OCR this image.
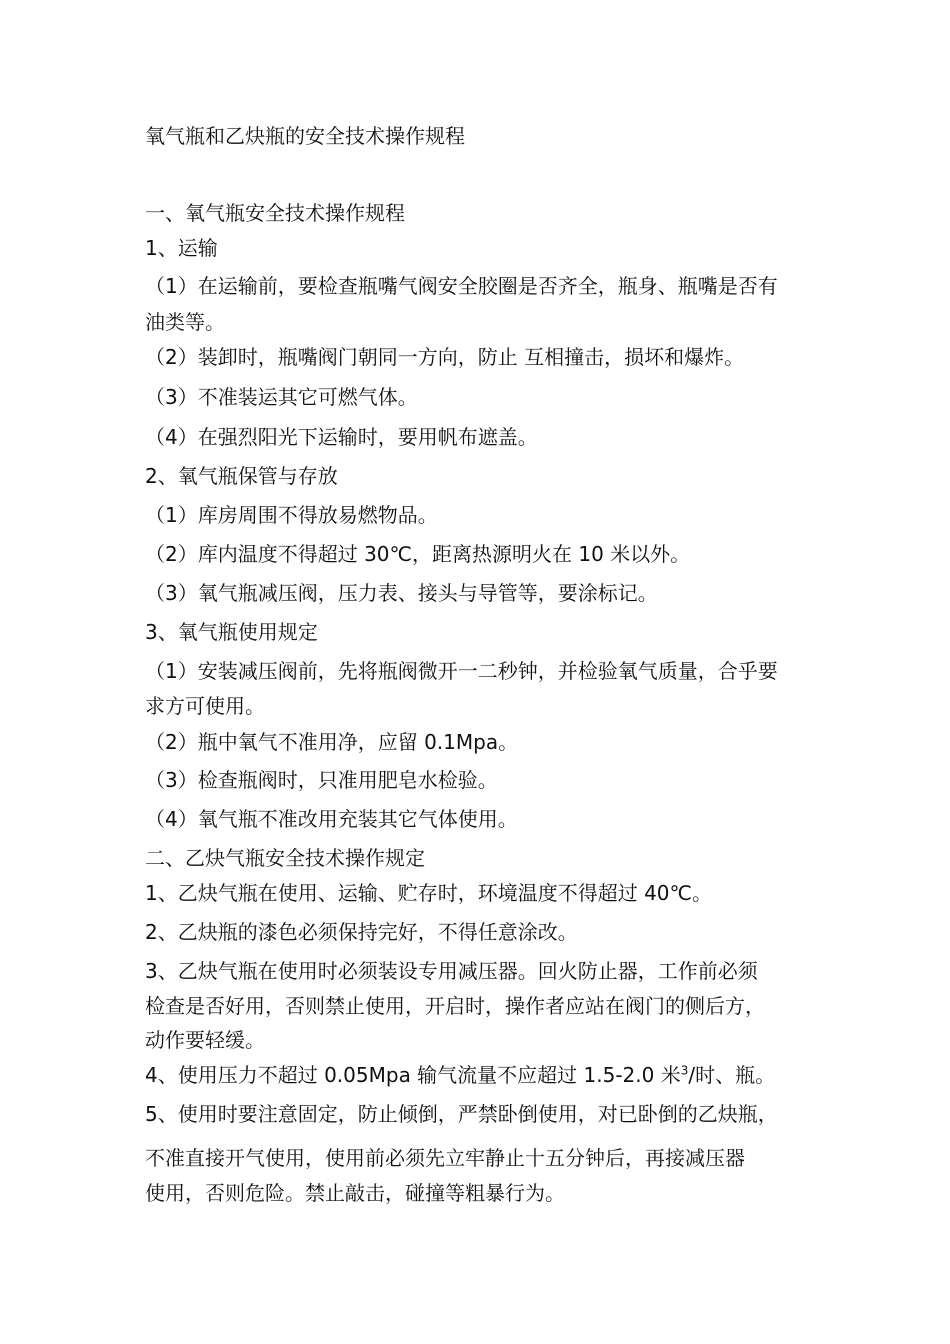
氧气瓶和乙炔瓶的安全技术操作规程
一、氧气瓶安全技术操作规程
1、运输
（1）在运输前，要检查瓶嘴气阀安全胶圈是否齐全，瓶身、瓶嘴是否有
油类等。
（2）装卸时，瓶嘴阀门朝同一方向，防止 互相撞击，损坏和爆炸。
（3）不准装运其它可燃气体。
（4）在强烈阳光下运输时，要用帆布遮盖。
2、氧气瓶保管与存放
（1）库房周围不得放易燃物品。
（2）库内温度不得超过 30℃，距离热源明火在 10 米以外。
（3）氧气瓶减压阀，压力表、接头与导管等，要涂标记。
3、氧气瓶使用规定
（1）安装减压阀前，先将瓶阀微开一二秒钟，并检验氧气质量，合乎要
求方可使用。
（2）瓶中氧气不准用净，应留 0.1Mpa。
（3）检查瓶阀时，只准用肥皂水检验。
（4）氧气瓶不准改用充装其它气体使用。
二、乙炔气瓶安全技术操作规定
1、乙炔气瓶在使用、运输、贮存时，环境温度不得超过 40℃。
2、乙炔瓶的漆色必须保持完好，不得任意涂改。
3、乙炔气瓶在使用时必须装设专用减压器。回火防止器，工作前必须
检查是否好用，否则禁止使用，开启时，操作者应站在阀门的侧后方，
动作要轻缓。
4、使用压力不超过 0.05Mpa 输气流量不应超过 1.5-2.0 米$^3$/时、瓶。
5、使用时要注意固定，防止倾倒，严禁卧倒使用，对已卧倒的乙炔瓶，
不准直接开气使用，使用前必须先立牢静止十五分钟后，再接减压器
使用，否则危险。禁止敲击，碰撞等粗暴行为。
